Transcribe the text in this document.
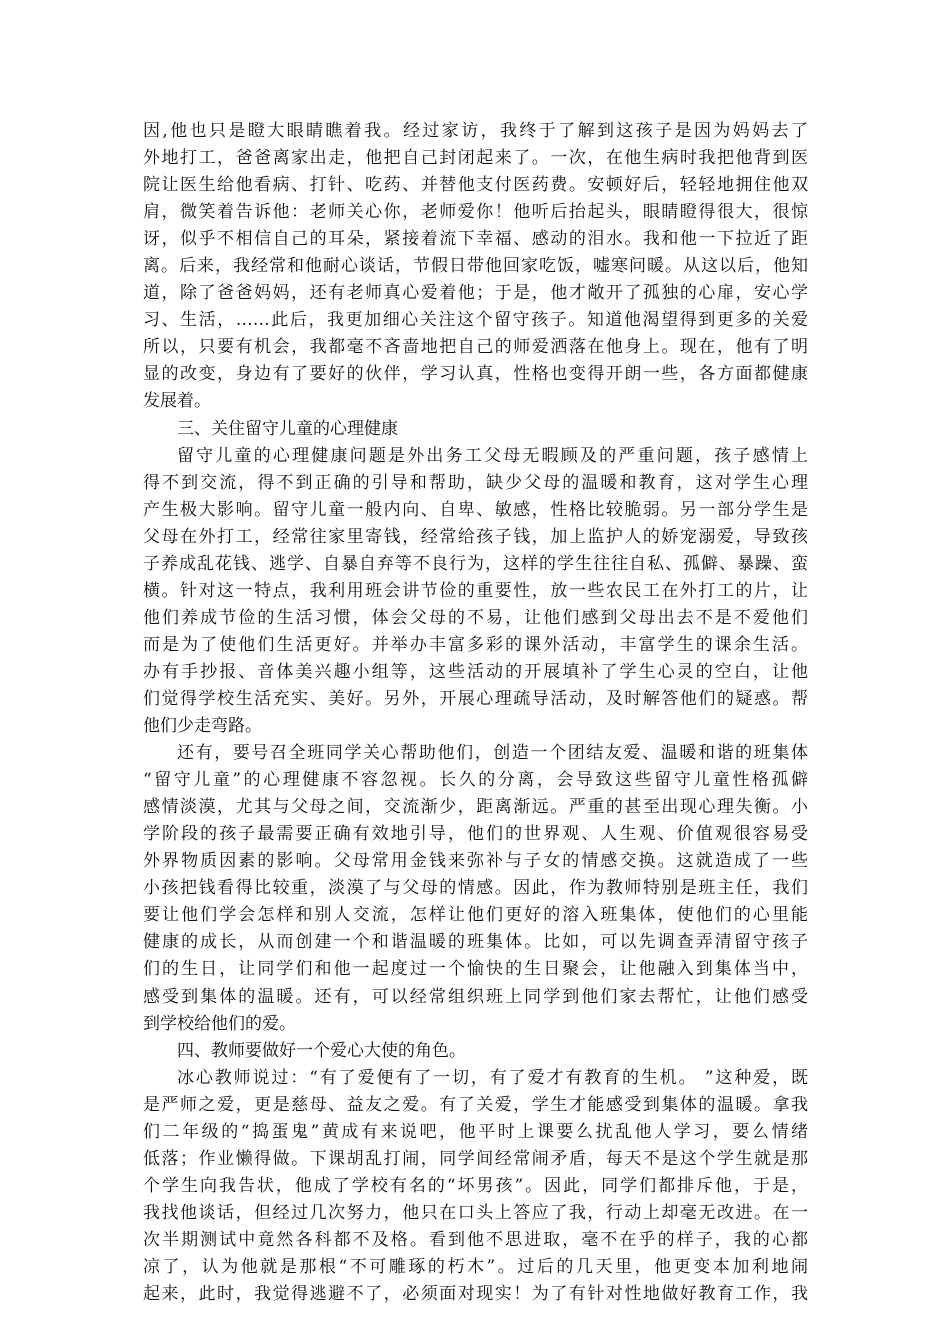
因,他也只是瞪大眼睛瞧着我。经过家访，我终于了解到这孩子是因为妈妈去了
外地打工，爸爸离家出走，他把自己封闭起来了。一次，在他生病时我把他背到医
院让医生给他看病、打针、吃药、并替他支付医药费。安顿好后，轻轻地拥住他双
肩，微笑着告诉他：老师关心你，老师爱你！他听后抬起头，眼睛瞪得很大，很惊
讶，似乎不相信自己的耳朵，紧接着流下幸福、感动的泪水。我和他一下拉近了距
离。后来，我经常和他耐心谈话，节假日带他回家吃饭，嘘寒问暖。从这以后，他知
道，除了爸爸妈妈，还有老师真心爱着他；于是，他才敞开了孤独的心扉，安心学
习、生活，……此后，我更加细心关注这个留守孩子。知道他渴望得到更多的关爱
所以，只要有机会，我都毫不吝啬地把自己的师爱洒落在他身上。现在，他有了明
显的改变，身边有了要好的伙伴，学习认真，性格也变得开朗一些，各方面都健康
发展着。
三、关住留守儿童的心理健康
留守儿童的心理健康问题是外出务工父母无暇顾及的严重问题，孩子感情上
得不到交流，得不到正确的引导和帮助，缺少父母的温暖和教育，这对学生心理
产生极大影响。留守儿童一般内向、自卑、敏感，性格比较脆弱。另一部分学生是
父母在外打工，经常往家里寄钱，经常给孩子钱，加上监护人的娇宠溺爱，导致孩
子养成乱花钱、逃学、自暴自弃等不良行为，这样的学生往往自私、孤僻、暴躁、蛮
横。针对这一特点，我利用班会讲节俭的重要性，放一些农民工在外打工的片，让
他们养成节俭的生活习惯，体会父母的不易，让他们感到父母出去不是不爱他们
而是为了使他们生活更好。并举办丰富多彩的课外活动，丰富学生的课余生活。
办有手抄报、音体美兴趣小组等，这些活动的开展填补了学生心灵的空白，让他
们觉得学校生活充实、美好。另外，开展心理疏导活动，及时解答他们的疑惑。帮
他们少走弯路。
还有，要号召全班同学关心帮助他们，创造一个团结友爱、温暖和谐的班集体
“留守儿童”的心理健康不容忽视。长久的分离，会导致这些留守儿童性格孤僻
感情淡漠，尤其与父母之间，交流渐少，距离渐远。严重的甚至出现心理失衡。小
学阶段的孩子最需要正确有效地引导，他们的世界观、人生观、价值观很容易受
外界物质因素的影响。父母常用金钱来弥补与子女的情感交换。这就造成了一些
小孩把钱看得比较重，淡漠了与父母的情感。因此，作为教师特别是班主任，我们
要让他们学会怎样和别人交流，怎样让他们更好的溶入班集体，使他们的心里能
健康的成长，从而创建一个和谐温暖的班集体。比如，可以先调查弄清留守孩子
们的生日，让同学们和他一起度过一个愉快的生日聚会，让他融入到集体当中，
感受到集体的温暖。还有，可以经常组织班上同学到他们家去帮忙，让他们感受
到学校给他们的爱。
四、教师要做好一个爱心大使的角色。
冰心教师说过：“有了爱便有了一切，有了爱才有教育的生机。 ”这种爱，既
是严师之爱，更是慈母、益友之爱。有了关爱，学生才能感受到集体的温暖。拿我
们二年级的“捣蛋鬼”黄成有来说吧，他平时上课要么扰乱他人学习，要么情绪
低落；作业懒得做。下课胡乱打闹，同学间经常闹矛盾，每天不是这个学生就是那
个学生向我告状，他成了学校有名的“坏男孩”。因此，同学们都排斥他，于是，
我找他谈话，但经过几次努力，他只在口头上答应了我，行动上却毫无改进。在一
次半期测试中竟然各科都不及格。看到他不思进取，毫不在乎的样子，我的心都
凉了，认为他就是那根“不可雕琢的朽木”。过后的几天里，他更变本加利地闹
起来，此时，我觉得逃避不了，必须面对现实！为了有针对性地做好教育工作，我
